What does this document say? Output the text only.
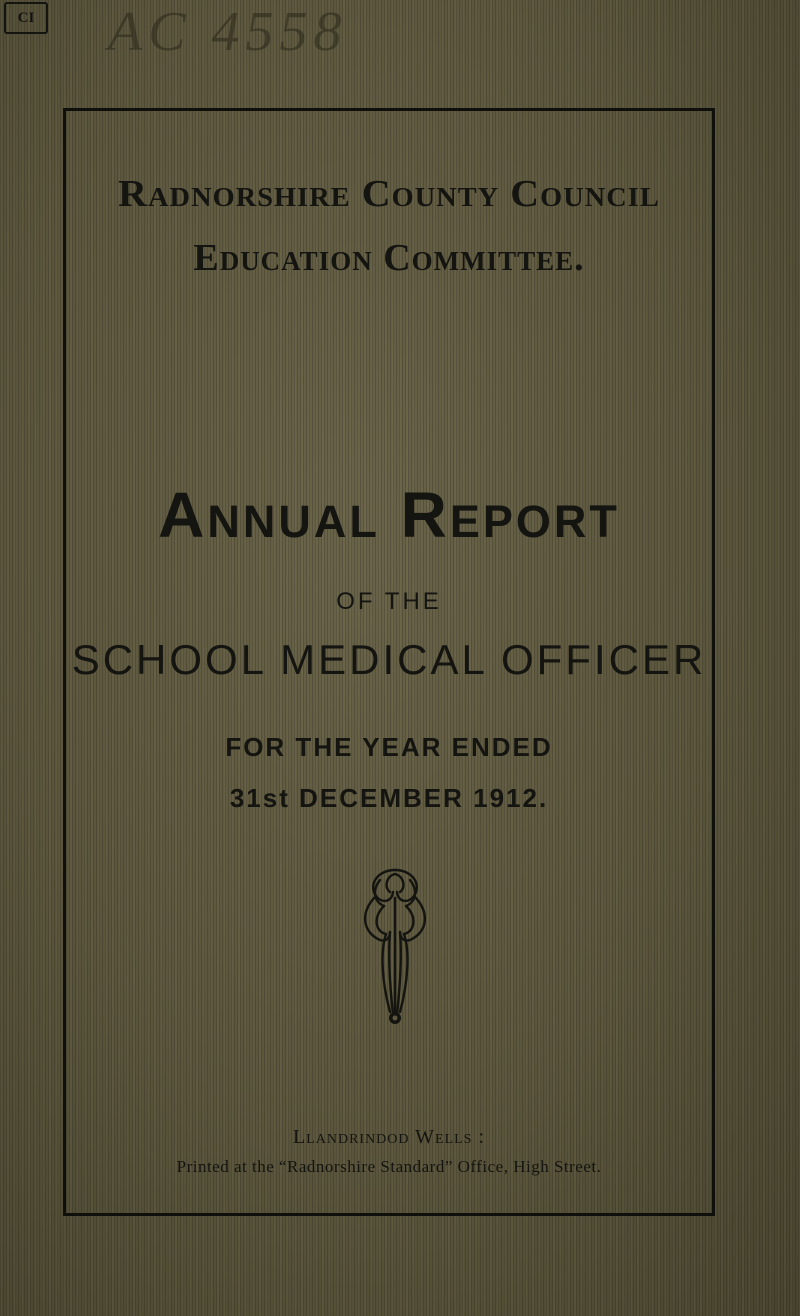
CI AC 4558
Radnorshire County Council
Education Committee.
Annual Report
OF THE
SCHOOL MEDICAL OFFICER
FOR THE YEAR ENDED
31st DECEMBER 1912.
Llandrindod Wells :
Printed at the “Radnorshire Standard” Office, High Street.
